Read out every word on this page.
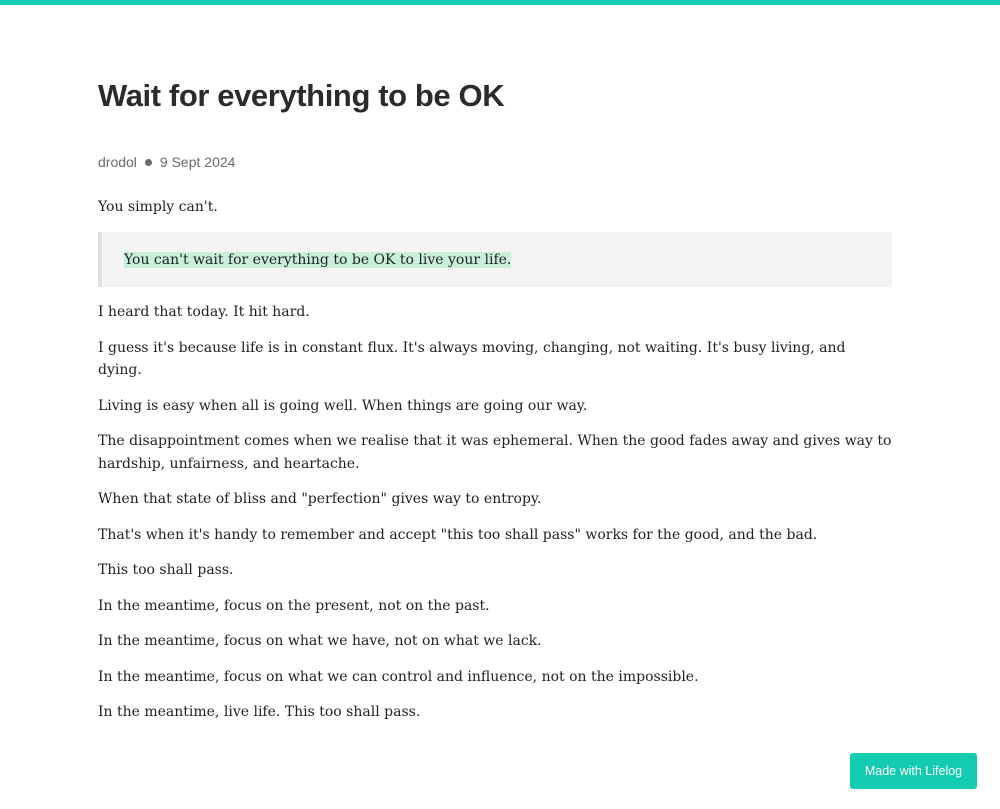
Wait for everything to be OK
drodol 9 Sept 2024

You simply can't.

You can't wait for everything to be OK to live your life.

I heard that today. It hit hard.

I guess it's because life is in constant flux. It's always moving, changing, not waiting. It's busy living, and dying.

Living is easy when all is going well. When things are going our way.

The disappointment comes when we realise that it was ephemeral. When the good fades away and gives way to hardship, unfairness, and heartache.

When that state of bliss and "perfection" gives way to entropy.

That's when it's handy to remember and accept "this too shall pass" works for the good, and the bad.

This too shall pass.

In the meantime, focus on the present, not on the past.

In the meantime, focus on what we have, not on what we lack.

In the meantime, focus on what we can control and influence, not on the impossible.

In the meantime, live life. This too shall pass.

Made with Lifelog
